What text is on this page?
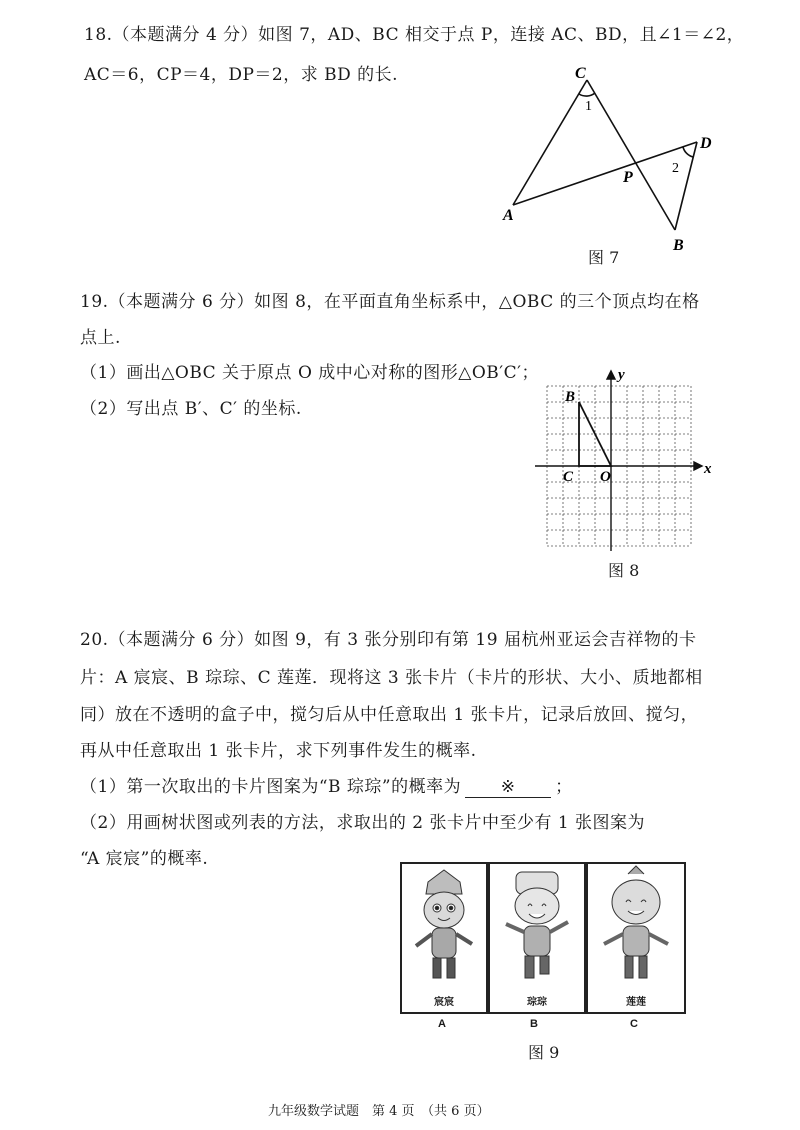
18.（本题满分 4 分）如图 7，AD、BC 相交于点 P，连接 AC、BD，且∠1＝∠2，
AC＝6，CP＝4，DP＝2，求 BD 的长.	C
1
D
2
P
A
B
图 7
19.（本题满分 6 分）如图 8，在平面直角坐标系中，△OBC 的三个顶点均在格
点上.
（1）画出△OBC 关于原点 O 成中心对称的图形△OB′C′；
（2）写出点 B′、C′ 的坐标.
B
C O	x
y
图 8
20.（本题满分 6 分）如图 9，有 3 张分别印有第 19 届杭州亚运会吉祥物的卡
片：A 宸宸、B 琮琮、C 莲莲．现将这 3 张卡片（卡片的形状、大小、质地都相
同）放在不透明的盒子中，搅匀后从中任意取出 1 张卡片，记录后放回、搅匀，
再从中任意取出 1 张卡片，求下列事件发生的概率.
（1）第一次取出的卡片图案为“B 琮琮”的概率为 ※ ；
（2）用画树状图或列表的方法，求取出的 2 张卡片中至少有 1 张图案为
“A 宸宸”的概率.
宸宸	琮琮	莲莲
A	B	C
图 9
九年级数学试题　第 4 页　（共 6 页）
